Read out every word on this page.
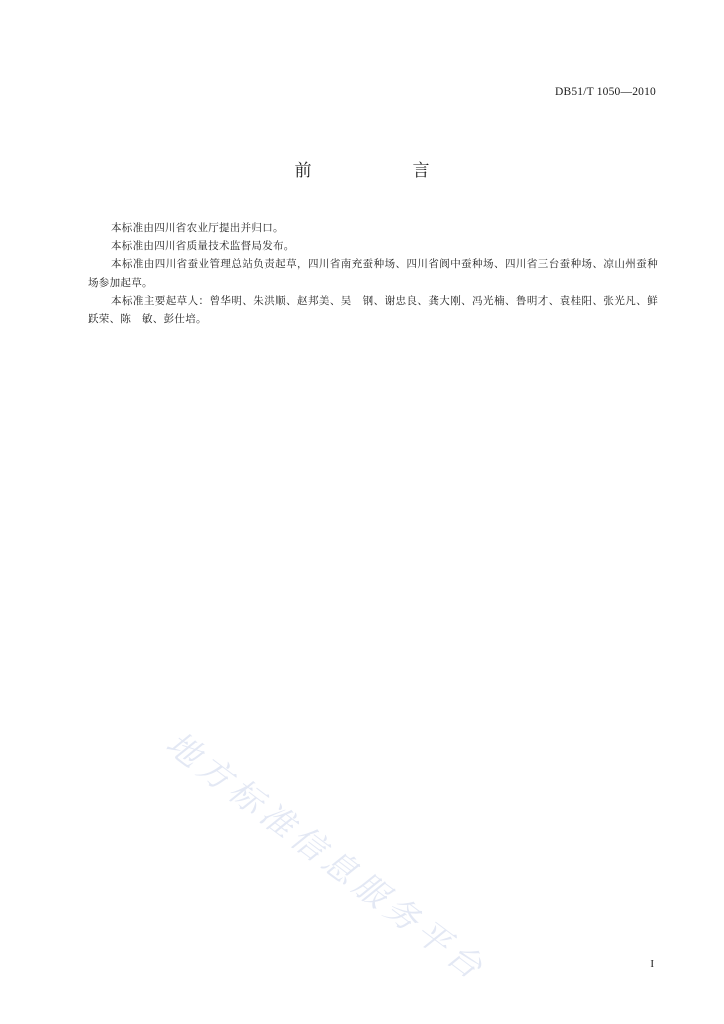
DB51/T 1050—2010
前　言

本标准由四川省农业厅提出并归口。

本标准由四川省质量技术监督局发布。

本标准由四川省蚕业管理总站负责起草，四川省南充蚕种场、四川省阆中蚕种场、四川省三台蚕种场、凉山州蚕种场参加起草。

本标准主要起草人：曾华明、朱洪顺、赵邦美、吴　钢、谢忠良、龚大刚、冯光楠、鲁明才、袁桂阳、张光凡、鲜跃荣、陈　敏、彭仕培。

地方标准信息服务平台	I
